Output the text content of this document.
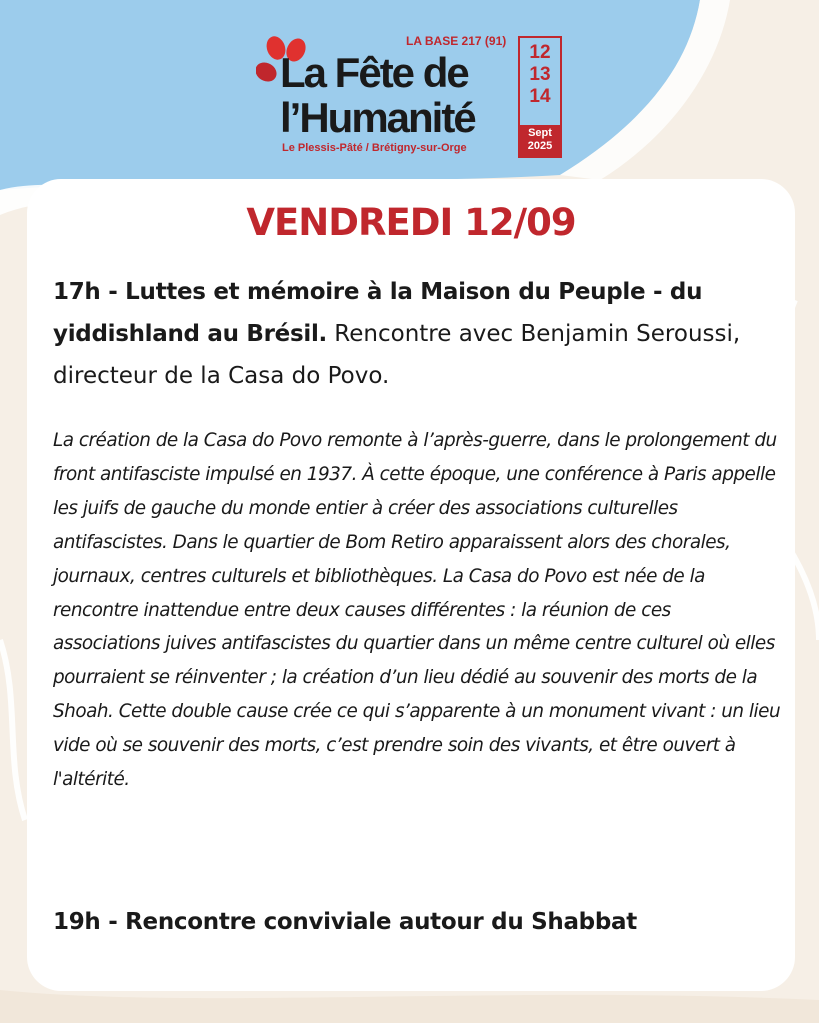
LA BASE 217 (91)
La Fête de
l’Humanité
Le Plessis-Pâté / Brétigny-sur-Orge
12
13
14
Sept
2025
VENDREDI 12/09
17h - Luttes et mémoire à la Maison du Peuple - du yiddishland au Brésil. Rencontre avec Benjamin Seroussi, directeur de la Casa do Povo.
La création de la Casa do Povo remonte à l’après-guerre, dans le prolongement du front antifasciste impulsé en 1937. À cette époque, une conférence à Paris appelle les juifs de gauche du monde entier à créer des associations culturelles antifascistes. Dans le quartier de Bom Retiro apparaissent alors des chorales, journaux, centres culturels et bibliothèques. La Casa do Povo est née de la rencontre inattendue entre deux causes différentes : la réunion de ces associations juives antifascistes du quartier dans un même centre culturel où elles pourraient se réinventer ; la création d’un lieu dédié au souvenir des morts de la Shoah. Cette double cause crée ce qui s’apparente à un monument vivant : un lieu vide où se souvenir des morts, c’est prendre soin des vivants, et être ouvert à l'altérité.
19h - Rencontre conviviale autour du Shabbat
